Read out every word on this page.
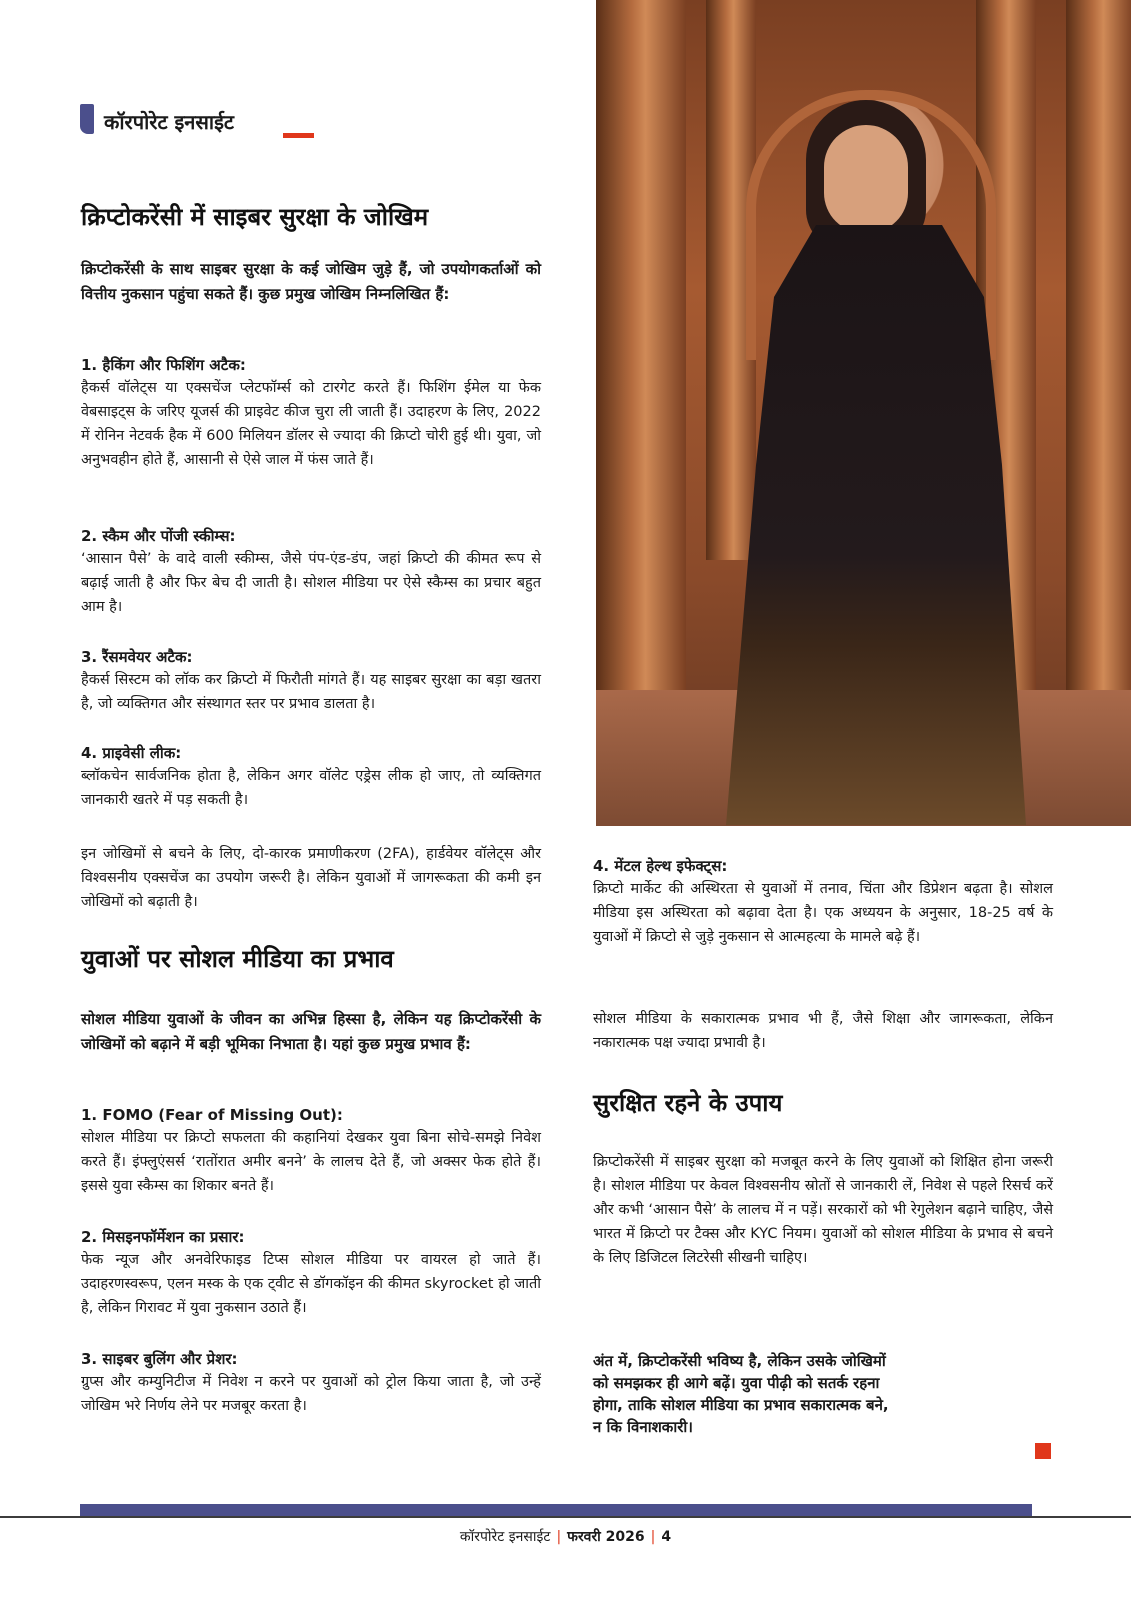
कॉरपोरेट इनसाईट
क्रिप्टोकरेंसी में साइबर सुरक्षा के जोखिम

क्रिप्टोकरेंसी के साथ साइबर सुरक्षा के कई जोखिम जुड़े हैं, जो उपयोगकर्ताओं को वित्तीय नुकसान पहुंचा सकते हैं। कुछ प्रमुख जोखिम निम्नलिखित हैं:

1. हैकिंग और फिशिंग अटैक:

हैकर्स वॉलेट्स या एक्सचेंज प्लेटफॉर्म्स को टारगेट करते हैं। फिशिंग ईमेल या फेक वेबसाइट्स के जरिए यूजर्स की प्राइवेट कीज चुरा ली जाती हैं। उदाहरण के लिए, 2022 में रोनिन नेटवर्क हैक में 600 मिलियन डॉलर से ज्यादा की क्रिप्टो चोरी हुई थी। युवा, जो अनुभवहीन होते हैं, आसानी से ऐसे जाल में फंस जाते हैं।

2. स्कैम और पोंजी स्कीम्स:

‘आसान पैसे’ के वादे वाली स्कीम्स, जैसे पंप-एंड-डंप, जहां क्रिप्टो की कीमत रूप से बढ़ाई जाती है और फिर बेच दी जाती है। सोशल मीडिया पर ऐसे स्कैम्स का प्रचार बहुत आम है।

3. रैंसमवेयर अटैक:

हैकर्स सिस्टम को लॉक कर क्रिप्टो में फिरौती मांगते हैं। यह साइबर सुरक्षा का बड़ा खतरा है, जो व्यक्तिगत और संस्थागत स्तर पर प्रभाव डालता है।

4. प्राइवेसी लीक:

ब्लॉकचेन सार्वजनिक होता है, लेकिन अगर वॉलेट एड्रेस लीक हो जाए, तो व्यक्तिगत जानकारी खतरे में पड़ सकती है।

इन जोखिमों से बचने के लिए, दो-कारक प्रमाणीकरण (2FA), हार्डवेयर वॉलेट्स और विश्वसनीय एक्सचेंज का उपयोग जरूरी है। लेकिन युवाओं में जागरूकता की कमी इन जोखिमों को बढ़ाती है।

युवाओं पर सोशल मीडिया का प्रभाव

सोशल मीडिया युवाओं के जीवन का अभिन्न हिस्सा है, लेकिन यह क्रिप्टोकरेंसी के जोखिमों को बढ़ाने में बड़ी भूमिका निभाता है। यहां कुछ प्रमुख प्रभाव हैं:

1. FOMO (Fear of Missing Out):

सोशल मीडिया पर क्रिप्टो सफलता की कहानियां देखकर युवा बिना सोचे-समझे निवेश करते हैं। इंफ्लुएंसर्स ‘रातोंरात अमीर बनने’ के लालच देते हैं, जो अक्सर फेक होते हैं। इससे युवा स्कैम्स का शिकार बनते हैं।

2. मिसइनफॉर्मेशन का प्रसार:

फेक न्यूज और अनवेरिफाइड टिप्स सोशल मीडिया पर वायरल हो जाते हैं। उदाहरणस्वरूप, एलन मस्क के एक ट्वीट से डॉगकॉइन की कीमत skyrocket हो जाती है, लेकिन गिरावट में युवा नुकसान उठाते हैं।

3. साइबर बुलिंग और प्रेशर:

ग्रुप्स और कम्युनिटीज में निवेश न करने पर युवाओं को ट्रोल किया जाता है, जो उन्हें जोखिम भरे निर्णय लेने पर मजबूर करता है।

4. मेंटल हेल्थ इफेक्ट्स:

क्रिप्टो मार्केट की अस्थिरता से युवाओं में तनाव, चिंता और डिप्रेशन बढ़ता है। सोशल मीडिया इस अस्थिरता को बढ़ावा देता है। एक अध्ययन के अनुसार, 18-25 वर्ष के युवाओं में क्रिप्टो से जुड़े नुकसान से आत्महत्या के मामले बढ़े हैं।

सोशल मीडिया के सकारात्मक प्रभाव भी हैं, जैसे शिक्षा और जागरूकता, लेकिन नकारात्मक पक्ष ज्यादा प्रभावी है।

सुरक्षित रहने के उपाय

क्रिप्टोकरेंसी में साइबर सुरक्षा को मजबूत करने के लिए युवाओं को शिक्षित होना जरूरी है। सोशल मीडिया पर केवल विश्वसनीय स्रोतों से जानकारी लें, निवेश से पहले रिसर्च करें और कभी ‘आसान पैसे’ के लालच में न पड़ें। सरकारों को भी रेगुलेशन बढ़ाने चाहिए, जैसे भारत में क्रिप्टो पर टैक्स और KYC नियम। युवाओं को सोशल मीडिया के प्रभाव से बचने के लिए डिजिटल लिटरेसी सीखनी चाहिए।

अंत में, क्रिप्टोकरेंसी भविष्य है, लेकिन उसके जोखिमों को समझकर ही आगे बढ़ें। युवा पीढ़ी को सतर्क रहना होगा, ताकि सोशल मीडिया का प्रभाव सकारात्मक बने, न कि विनाशकारी।

कॉरपोरेट इनसाईट | फरवरी 2026 | 4
